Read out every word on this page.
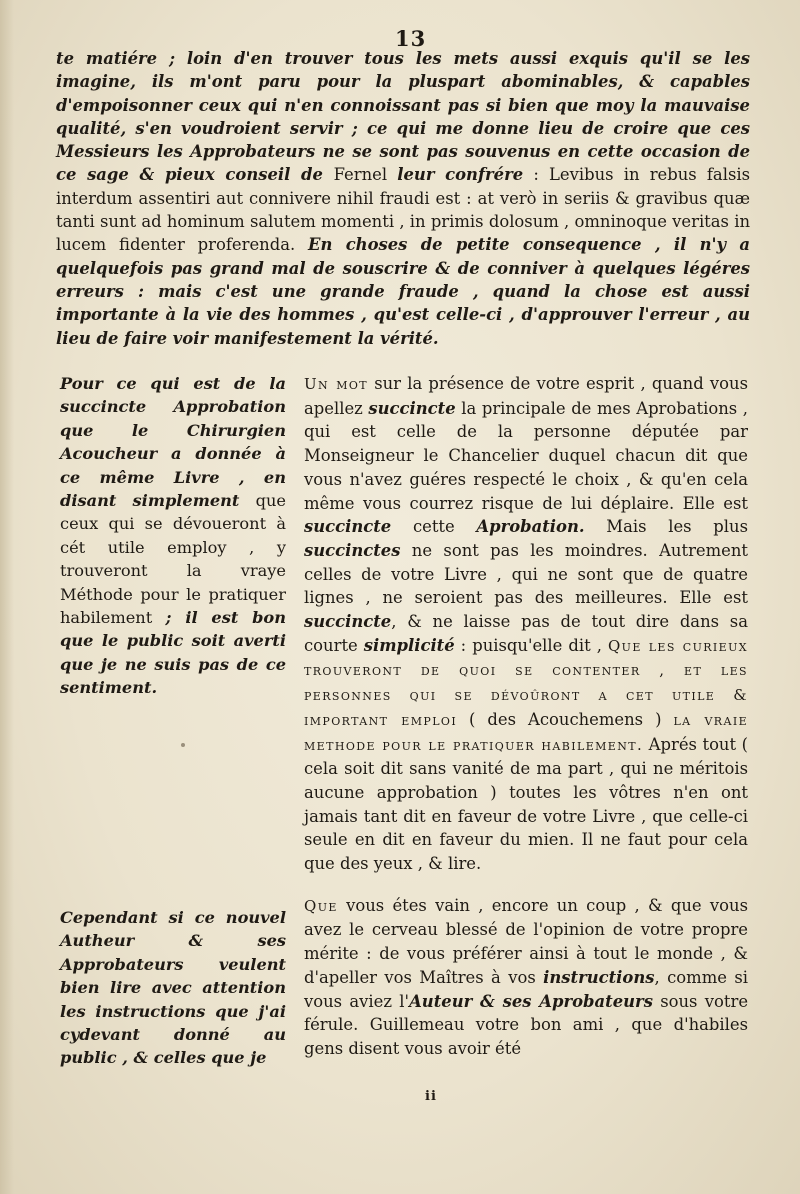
13
te matiére ; loin d'en trouver tous les mets aussi exquis qu'il se les imagine, ils m'ont paru pour la pluspart abominables, & capables d'empoisonner ceux qui n'en connoissant pas si bien que moy la mauvaise qualité, s'en voudroient servir ; ce qui me donne lieu de croire que ces Messieurs les Approbateurs ne se sont pas souvenus en cette occasion de ce sage & pieux conseil de Fernel leur confrére : Levibus in rebus falsis interdum assentiri aut connivere nihil fraudi est : at verò in seriis & gravibus quæ tanti sunt ad hominum salutem momenti , in primis dolosum , omninoque veritas in lucem fidenter proferenda. En choses de petite consequence , il n'y a quelquefois pas grand mal de souscrire & de conniver à quelques légéres erreurs : mais c'est une grande fraude , quand la chose est aussi importante à la vie des hommes , qu'est celle-ci , d'approuver l'erreur , au lieu de faire voir manifestement la vérité.
Pour ce qui est de la succincte Approbation que le Chirurgien Acoucheur a donnée à ce même Livre , en disant simplement que ceux qui se dévoueront à cét utile employ , y trouveront la vraye Méthode pour le pratiquer habilement ; il est bon que le public soit averti que je ne suis pas de ce sentiment.

Un mot sur la présence de votre esprit , quand vous apellez succincte la principale de mes Aprobations , qui est celle de la personne députée par Monseigneur le Chancelier duquel chacun dit que vous n'avez guéres respecté le choix , & qu'en cela même vous courrez risque de lui déplaire. Elle est succincte cette Aprobation. Mais les plus succinctes ne sont pas les moindres. Autrement celles de votre Livre , qui ne sont que de quatre lignes , ne seroient pas des meilleures. Elle est succincte, & ne laisse pas de tout dire dans sa courte simplicité : puisqu'elle dit , Que les curieux trouveront de quoi se contenter , et les personnes qui se dévoûront a cet utile & important emploi ( des Acouchemens ) la vraie methode pour le pratiquer habilement. Aprés tout ( cela soit dit sans vanité de ma part , qui ne méritois aucune approbation ) toutes les vôtres n'en ont jamais tant dit en faveur de votre Livre , que celle-ci seule en dit en faveur du mien. Il ne faut pour cela que des yeux , & lire.

Que vous étes vain , encore un coup , & que vous avez le cerveau blessé de l'opinion de votre propre mérite : de vous préférer ainsi à tout le monde , & d'apeller vos Maîtres à vos instructions, comme si vous aviez l'Auteur & ses Aprobateurs sous votre férule. Guillemeau votre bon ami , que d'habiles gens disent vous avoir été

Cependant si ce nouvel Autheur & ses Approbateurs veulent bien lire avec attention les instructions que j'ai cydevant donné au public , & celles que je
ii
